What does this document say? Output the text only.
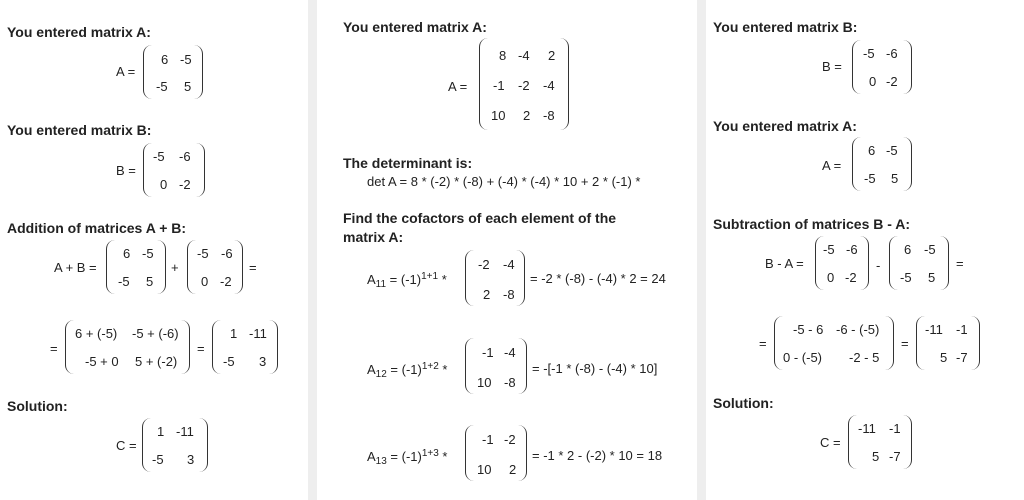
You entered matrix A:
A =
6 -5
-5 5
You entered matrix B:
B =
-5 -6
0 -2
Addition of matrices A + B:
A + B =
6 -5
-5 5
+
-5 -6
0 -2
=
=
6 + (-5) -5 + (-6)
-5 + 0 5 + (-2)
=
1 -11
-5 3
Solution:
C =
1 -11
-5 3
You entered matrix A:
A =
8 -4 2
-1 -2 -4
10 2 -8
The determinant is:
det A = 8 * (-2) * (-8) + (-4) * (-4) * 10 + 2 * (-1) *
Find the cofactors of each element of the
matrix A:
$A_{11} = (-1)^{1+1}$ *
-2 -4
2 -8
= -2 * (-8) - (-4) * 2 = 24
$A_{12} = (-1)^{1+2}$ *
-1 -4
10 -8
= -[-1 * (-8) - (-4) * 10]
$A_{13} = (-1)^{1+3}$ *
-1 -2
10 2
= -1 * 2 - (-2) * 10 = 18
You entered matrix B:
B =
-5 -6
0 -2
You entered matrix A:
A =
6 -5
-5 5
Subtraction of matrices B - A:
B - A =
-5 -6
0 -2
-
6 -5
-5 5
=
=
-5 - 6 -6 - (-5)
0 - (-5) -2 - 5
=
-11 -1
5 -7
Solution:
C =
-11 -1
5 -7
